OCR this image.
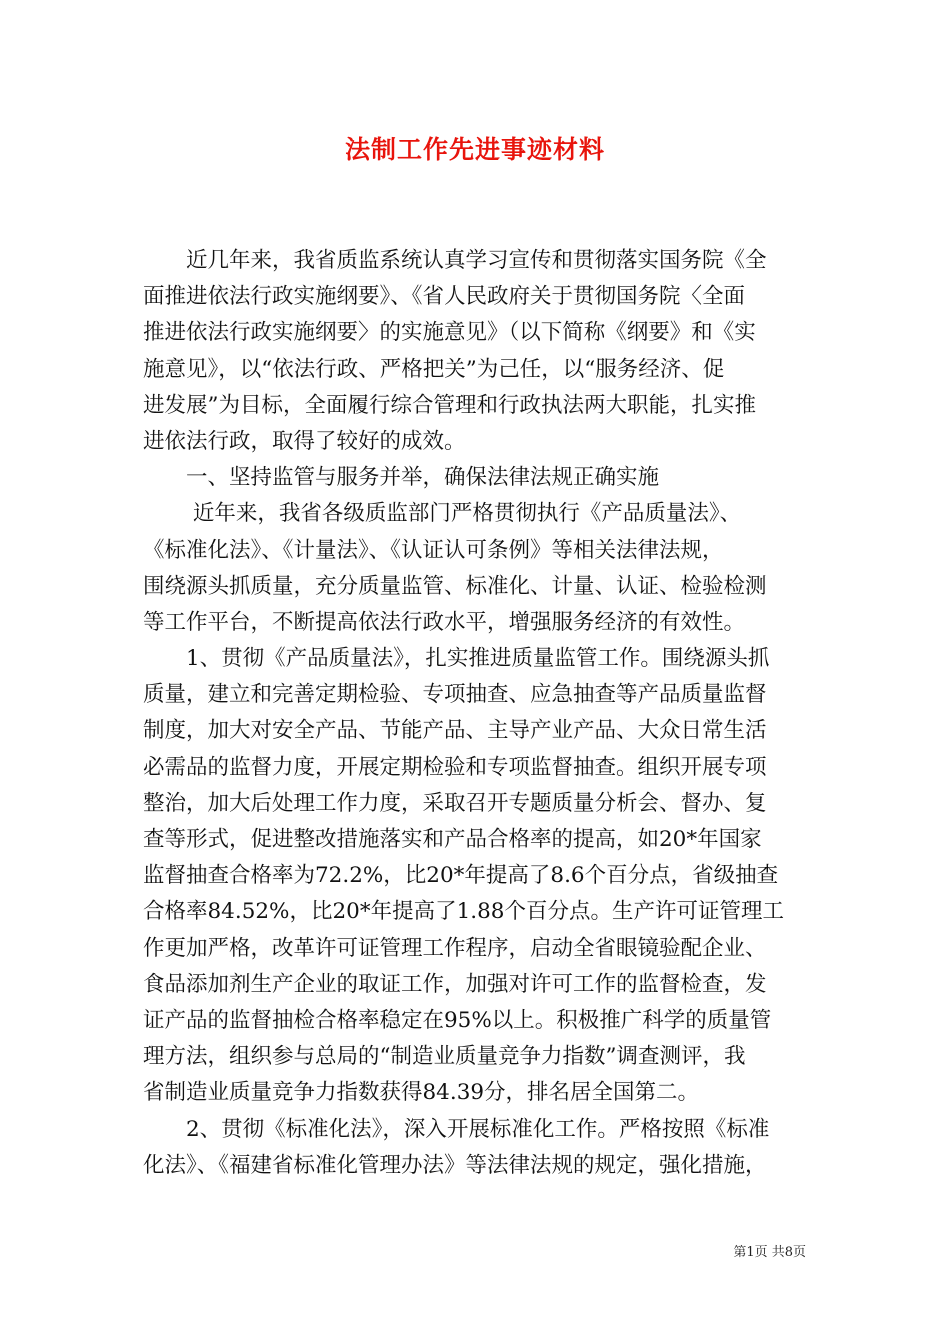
法制工作先进事迹材料
　　近几年来，我省质监系统认真学习宣传和贯彻落实国务院《全
面推进依法行政实施纲要》、《省人民政府关于贯彻国务院〈全面
推进依法行政实施纲要〉的实施意见》（以下简称《纲要》和《实
施意见》，以“依法行政、严格把关”为己任，以“服务经济、促
进发展”为目标，全面履行综合管理和行政执法两大职能，扎实推
进依法行政，取得了较好的成效。
　　一、坚持监管与服务并举，确保法律法规正确实施
　　 近年来，我省各级质监部门严格贯彻执行《产品质量法》、
《标准化法》、《计量法》、《认证认可条例》等相关法律法规，
围绕源头抓质量，充分质量监管、标准化、计量、认证、检验检测
等工作平台，不断提高依法行政水平，增强服务经济的有效性。
　　1、贯彻《产品质量法》，扎实推进质量监管工作。围绕源头抓
质量，建立和完善定期检验、专项抽查、应急抽查等产品质量监督
制度，加大对安全产品、节能产品、主导产业产品、大众日常生活
必需品的监督力度，开展定期检验和专项监督抽查。组织开展专项
整治，加大后处理工作力度，采取召开专题质量分析会、督办、复
查等形式，促进整改措施落实和产品合格率的提高，如20*年国家
监督抽查合格率为72.2%，比20*年提高了8.6个百分点，省级抽查
合格率84.52%，比20*年提高了1.88个百分点。生产许可证管理工
作更加严格，改革许可证管理工作程序，启动全省眼镜验配企业、
食品添加剂生产企业的取证工作，加强对许可工作的监督检查，发
证产品的监督抽检合格率稳定在95%以上。积极推广科学的质量管
理方法，组织参与总局的“制造业质量竞争力指数”调查测评，我
省制造业质量竞争力指数获得84.39分，排名居全国第二。
　　2、贯彻《标准化法》，深入开展标准化工作。严格按照《标准
化法》、《福建省标准化管理办法》等法律法规的规定，强化措施，
第1页 共8页
